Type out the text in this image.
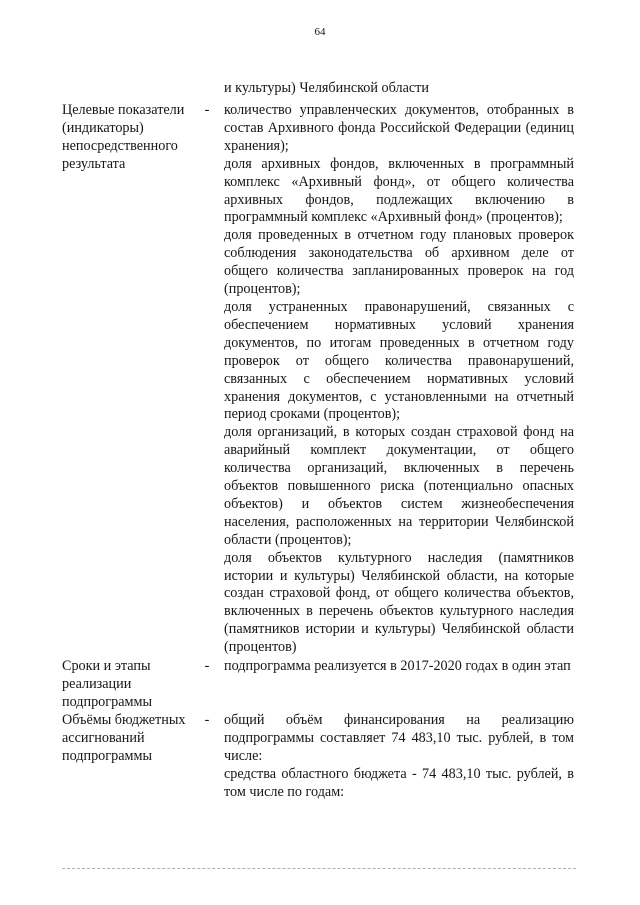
64
и культуры) Челябинской области
Целевые показатели (индикаторы) непосредственного результата
- количество управленческих документов, отобранных в состав Архивного фонда Российской Федерации (единиц хранения);

доля архивных фондов, включенных в программный комплекс «Архивный фонд», от общего количества архивных фондов, подлежащих включению в программный комплекс «Архивный фонд» (процентов);

доля проведенных в отчетном году плановых проверок соблюдения законодательства об архивном деле от общего количества запланированных проверок на год (процентов);

доля устраненных правонарушений, связанных с обеспечением нормативных условий хранения документов, по итогам проведенных в отчетном году проверок от общего количества правонарушений, связанных с обеспечением нормативных условий хранения документов, с установленными на отчетный период сроками (процентов);

доля организаций, в которых создан страховой фонд на аварийный комплект документации, от общего количества организаций, включенных в перечень объектов повышенного риска (потенциально опасных объектов) и объектов систем жизнеобеспечения населения, расположенных на территории Челябинской области (процентов);

доля объектов культурного наследия (памятников истории и культуры) Челябинской области, на которые создан страховой фонд, от общего количества объектов, включенных в перечень объектов культурного наследия (памятников истории и культуры) Челябинской области (процентов)

Сроки и этапы реализации подпрограммы
- подпрограмма реализуется в 2017-2020 годах в один этап

Объёмы бюджетных ассигнований подпрограммы
- общий объём финансирования на реализацию подпрограммы составляет 74 483,10 тыс. рублей, в том числе:

средства областного бюджета - 74 483,10 тыс. рублей, в том числе по годам:
